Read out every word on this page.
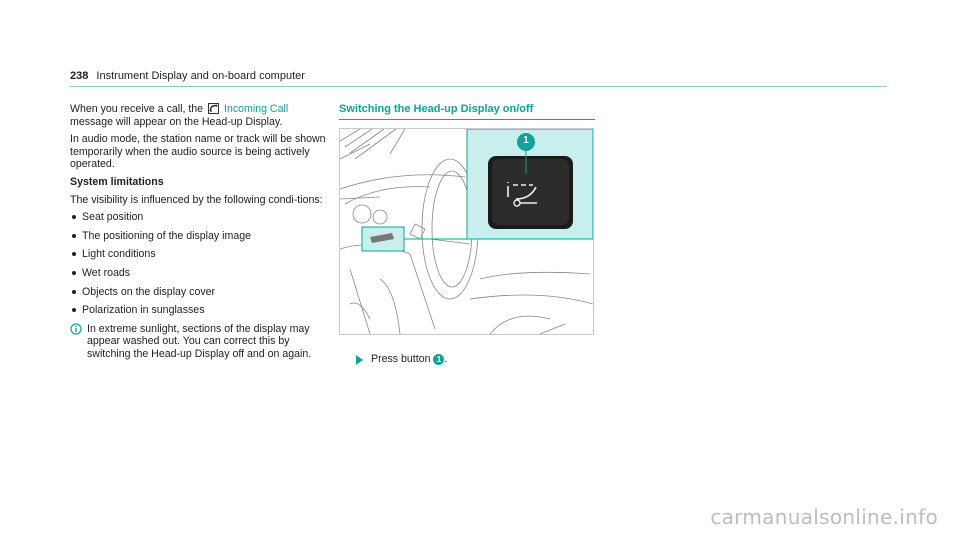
238 Instrument Display and on-board computer

When you receive a call, the Incoming Call message will appear on the Head-up Display.

In audio mode, the station name or track will be shown temporarily when the audio source is being actively operated.

System limitations

The visibility is influenced by the following condi-tions:

Seat position
The positioning of the display image
Light conditions
Wet roads
Objects on the display cover
Polarization in sunglasses
In extreme sunlight, sections of the display may appear washed out. You can correct this by switching the Head-up Display off and on again.
Switching the Head-up Display on/off
1
Press button 1 .
carmanualsonline.info
